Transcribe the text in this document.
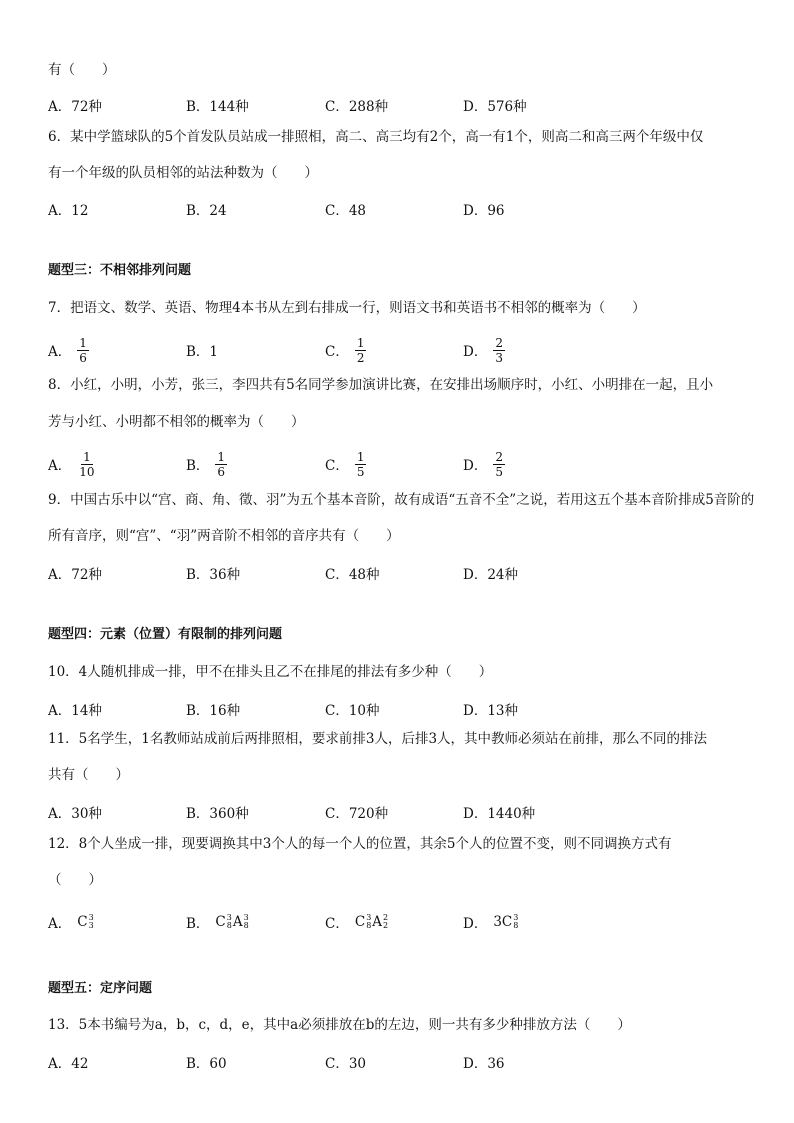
有（　　）
A．72种	B．144种	C．288种	D．576种
6．某中学篮球队的5个首发队员站成一排照相，高二、高三均有2个，高一有1个，则高二和高三两个年级中仅
有一个年级的队员相邻的站法种数为（　　）
A．12	B．24	C．48	D．96
题型三：不相邻排列问题
7．把语文、数学、英语、物理4本书从左到右排成一行，则语文书和英语书不相邻的概率为（　　）
A． $\frac{1}{6}$	B．1	C． $\frac{1}{2}$	D． $\frac{2}{3}$
8．小红，小明，小芳，张三，李四共有5名同学参加演讲比赛，在安排出场顺序时，小红、小明排在一起，且小
芳与小红、小明都不相邻的概率为（　　）
A． $\frac{1}{10}$	B． $\frac{1}{6}$	C． $\frac{1}{5}$	D． $\frac{2}{5}$
9．中国古乐中以“宫、商、角、徵、羽”为五个基本音阶，故有成语“五音不全”之说，若用这五个基本音阶排成5音阶的
所有音序，则“宫”、“羽”两音阶不相邻的音序共有（　　）
A．72种	B．36种	C．48种	D．24种
题型四：元素（位置）有限制的排列问题
10．4人随机排成一排，甲不在排头且乙不在排尾的排法有多少种（　　）
A．14种	B．16种	C．10种	D．13种
11．5名学生，1名教师站成前后两排照相，要求前排3人，后排3人，其中教师必须站在前排，那么不同的排法
共有（　　）
A．30种	B．360种	C．720种	D．1440种
12．8个人坐成一排，现要调换其中3个人的每一个人的位置，其余5个人的位置不变，则不同调换方式有
（　　）
A． C 3
3	B． C 3
8 A 3
8	C． C 3
8 A 2
2	D． 3 C 3
8
题型五：定序问题
13．5本书编号为a，b，c，d，e，其中a必须排放在b的左边，则一共有多少种排放方法（　　）
A．42	B．60	C．30	D．36
